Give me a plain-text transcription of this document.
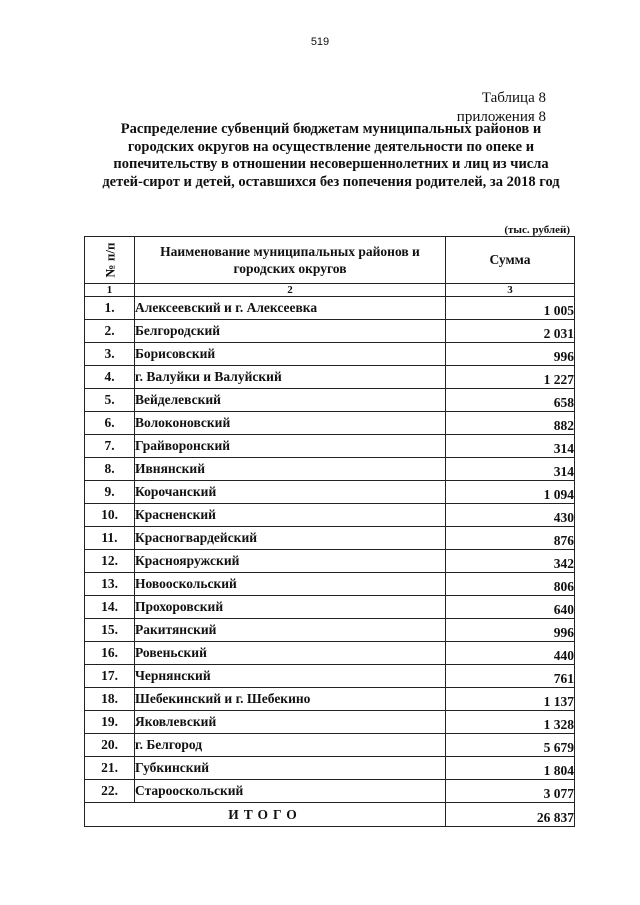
519
Таблица 8
приложения 8
Распределение субвенций бюджетам муниципальных районов и городских округов на осуществление деятельности по опеке и попечительству в отношении несовершеннолетних и лиц из числа детей-сирот и детей, оставшихся без попечения родителей, за 2018 год
(тыс. рублей)
№ п/п	Наименование муниципальных районов и городских округов	Сумма
1	2	3
1.	Алексеевский и г. Алексеевка	1 005
2.	Белгородский	2 031
3.	Борисовский	996
4.	г. Валуйки и Валуйский	1 227
5.	Вейделевский	658
6.	Волоконовский	882
7.	Грайворонский	314
8.	Ивнянский	314
9.	Корочанский	1 094
10.	Красненский	430
11.	Красногвардейский	876
12.	Краснояружский	342
13.	Новооскольский	806
14.	Прохоровский	640
15.	Ракитянский	996
16.	Ровеньский	440
17.	Чернянский	761
18.	Шебекинский и г. Шебекино	1 137
19.	Яковлевский	1 328
20.	г. Белгород	5 679
21.	Губкинский	1 804
22.	Старооскольский	3 077
ИТОГО		26 837
